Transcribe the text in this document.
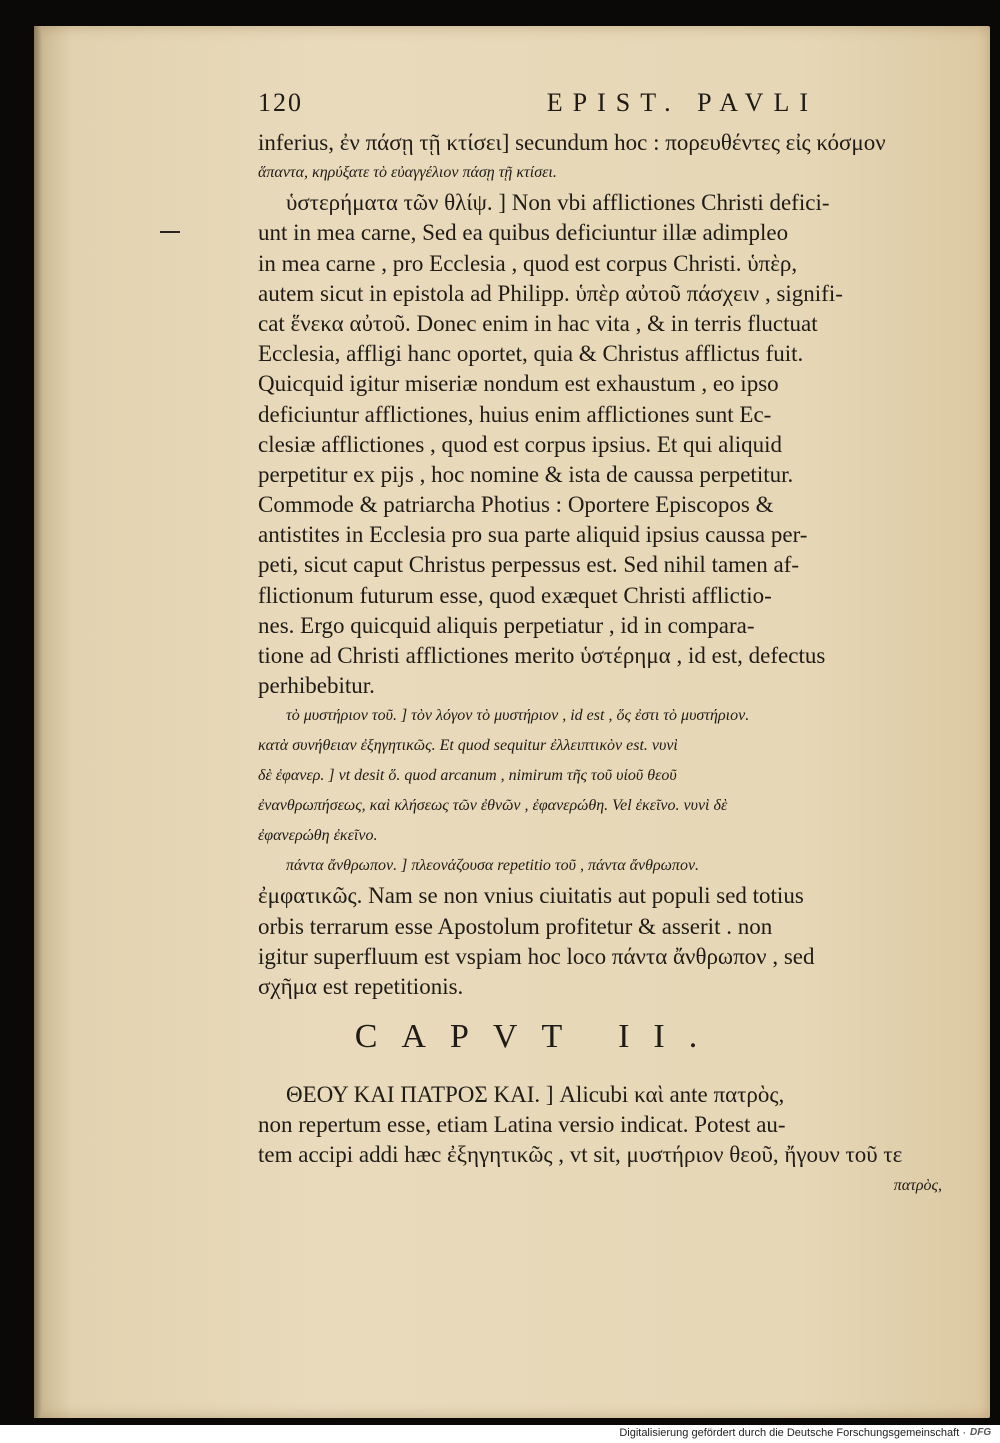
120	EPIST. PAVLI
inferius, ἐν πάσῃ τῇ κτίσει] secundum hoc : πορευθέντες εἰς κόσμον
ἅπαντα, κηρύξατε τὸ εὐαγγέλιον πάσῃ τῇ κτίσει.
ὑστερήματα τῶν θλίψ. ] Non vbi afflictiones Christi defici-
unt in mea carne, Sed ea quibus deficiuntur illæ adimpleo
in mea carne , pro Ecclesia , quod est corpus Christi. ὑπὲρ,
autem sicut in epistola ad Philipp. ὑπὲρ αὐτοῦ πάσχειν , signifi-
cat ἕνεκα αὐτοῦ. Donec enim in hac vita , & in terris fluctuat
Ecclesia, affligi hanc oportet, quia & Christus afflictus fuit.
Quicquid igitur miseriæ nondum est exhaustum , eo ipso
deficiuntur afflictiones, huius enim afflictiones sunt Ec-
clesiæ afflictiones , quod est corpus ipsius. Et qui aliquid
perpetitur ex pijs , hoc nomine & ista de caussa perpetitur.
Commode & patriarcha Photius : Oportere Episcopos &
antistites in Ecclesia pro sua parte aliquid ipsius caussa per-
peti, sicut caput Christus perpessus est. Sed nihil tamen af-
flictionum futurum esse, quod exæquet Christi afflictio-
nes. Ergo quicquid aliquis perpetiatur , id in compara-
tione ad Christi afflictiones merito ὑστέρημα , id est, defectus
perhibebitur.
τὸ μυστήριον τοῦ. ] τὸν λόγον τὸ μυστήριον , id est , ὅς ἐστι τὸ μυστήριον.
κατὰ συνήθειαν ἐξηγητικῶς. Et quod sequitur ἐλλειπτικὸν est. νυνὶ
δὲ ἐφανερ. ] vt desit ὅ. quod arcanum , nimirum τῆς τοῦ υἱοῦ θεοῦ
ἐνανθρωπήσεως, καὶ κλήσεως τῶν ἐθνῶν , ἐφανερώθη. Vel ἐκεῖνο. νυνὶ δὲ
ἐφανερώθη ἐκεῖνο.
πάντα ἄνθρωπον. ] πλεονάζουσα repetitio τοῦ , πάντα ἄνθρωπον.
ἐμφατικῶς. Nam se non vnius ciuitatis aut populi sed totius
orbis terrarum esse Apostolum profitetur & asserit . non
igitur superfluum est vspiam hoc loco πάντα ἄνθρωπον , sed
σχῆμα est repetitionis.
CAPVT II.
ΘΕΟΥ ΚΑΙ ΠΑΤΡΟΣ ΚΑΙ. ] Alicubi καὶ ante πατρὸς,
non repertum esse, etiam Latina versio indicat. Potest au-
tem accipi addi hæc ἐξηγητικῶς , vt sit, μυστήριον θεοῦ, ἤγουν τοῦ τε
πατρὸς,
Digitalisierung gefördert durch die Deutsche Forschungsgemeinschaft · DFG
